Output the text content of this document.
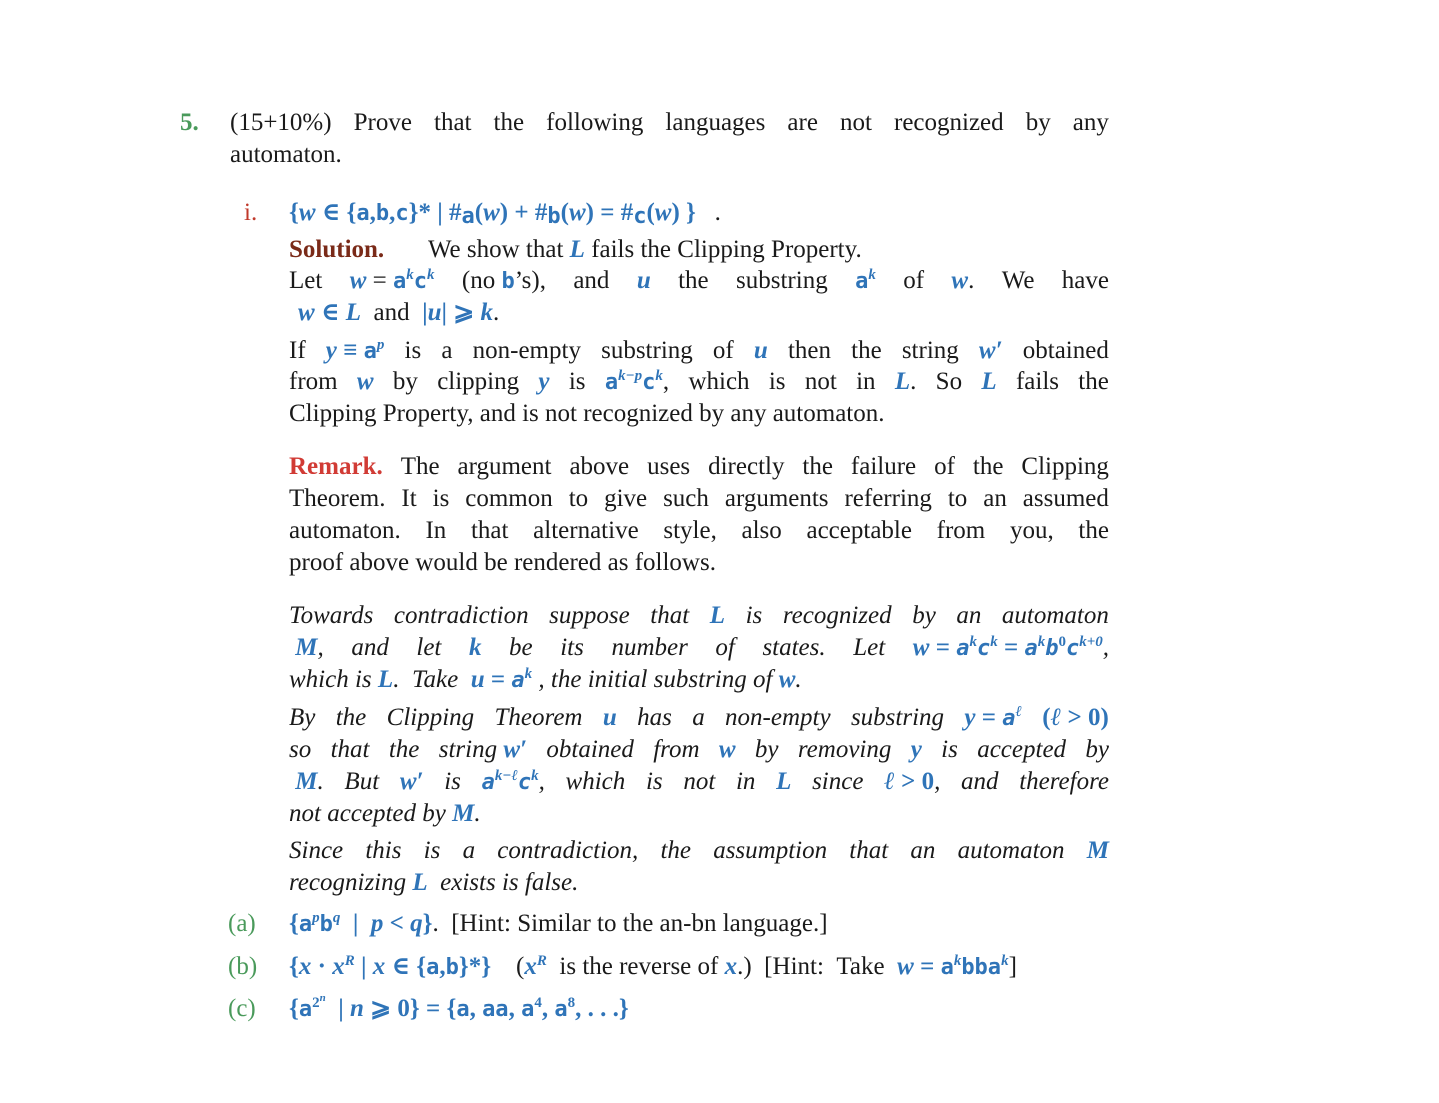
5. (15+10%) Prove that the following languages are not recognized by any
automaton.
i. {w ∈ {a,b,c}* | $\#_a(w)$ + $\#_b(w)$ = $\#_c(w)$ }   .
Solution.       We show that L fails the Clipping Property.
Let $w = a^kc^k$ (no b’s), and u the substring $a^k$ of w. We have
w ∈ L  and  |u| ⩾ k.
If $y \equiv a^p$ is a non-empty substring of u then the string w′ obtained
from w by clipping y is $a^{k-p}c^k$, which is not in L. So L fails the
Clipping Property, and is not recognized by any automaton.
Remark. The argument above uses directly the failure of the Clipping
Theorem. It is common to give such arguments referring to an assumed
automaton. In that alternative style, also acceptable from you, the
proof above would be rendered as follows.
Towards contradiction suppose that L is recognized by an automaton
M, and let k be its number of states. Let $w = a^kc^k = a^kb^0c^{k+0}$,
which is L.  Take  $u = a^k$ , the initial substring of w.
By the Clipping Theorem u has a non-empty substring $y = a^\ell$ (ℓ > 0)
so that the string w′ obtained from w by removing y is accepted by
M. But w′ is $a^{k-\ell}c^k$, which is not in L since ℓ > 0, and therefore
not accepted by M.
Since this is a contradiction, the assumption that an automaton M
recognizing L  exists is false.
(a) {$a^pb^q$  |  p < q}.  [Hint: Similar to the an-bn language.]
(b) {$x \cdot x^R$ | x ∈ {a,b}*}    ($x^R$  is the reverse of x.)  [Hint:  Take  $w = a^kbba^k$]
(c) {$a^{2^n}$  | n ⩾ 0} = {a, aa, $a^4$, $a^8$, . . .}
